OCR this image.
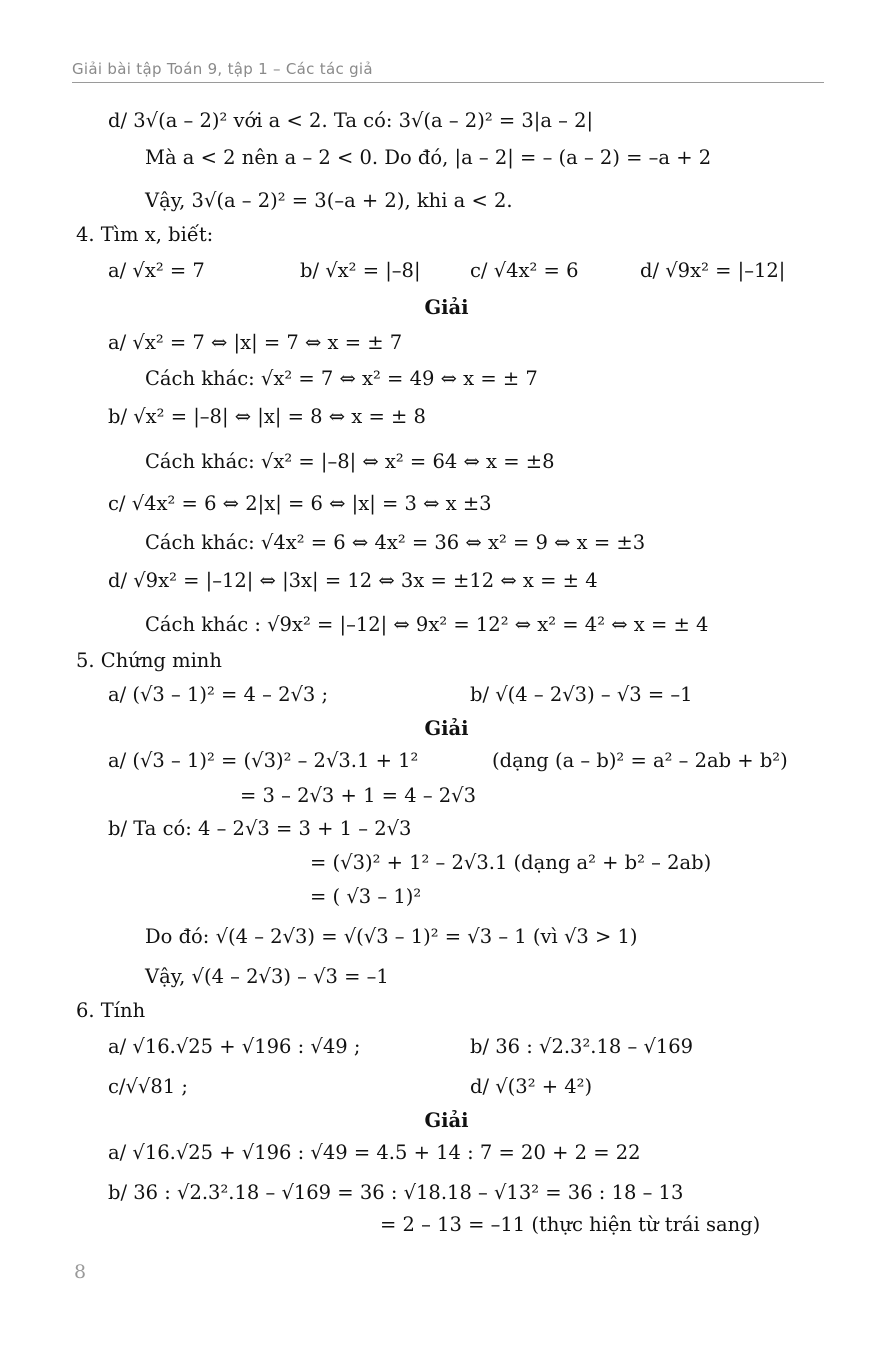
Giải bài tập Toán 9, tập 1 – Các tác giả
d/ 3√(a – 2)² với a < 2. Ta có: 3√(a – 2)² = 3|a – 2|
Mà a < 2 nên a – 2 < 0. Do đó, |a – 2| = – (a – 2) = –a + 2
Vậy, 3√(a – 2)² = 3(–a + 2), khi a < 2.
4. Tìm x, biết:
a/ √x² = 7	b/ √x² = |–8|	c/ √4x² = 6	d/ √9x² = |–12|
a/ √x² = 7 ⇔ |x| = 7 ⇔ x = ± 7
Cách khác: √x² = 7 ⇔ x² = 49 ⇔ x = ± 7
b/ √x² = |–8| ⇔ |x| = 8 ⇔ x = ± 8
Cách khác: √x² = |–8| ⇔ x² = 64 ⇔ x = ±8
c/ √4x² = 6 ⇔ 2|x| = 6 ⇔ |x| = 3 ⇔ x ±3
Cách khác: √4x² = 6 ⇔ 4x² = 36 ⇔ x² = 9 ⇔ x = ±3
d/ √9x² = |–12| ⇔ |3x| = 12 ⇔ 3x = ±12 ⇔ x = ± 4
Cách khác : √9x² = |–12| ⇔ 9x² = 12² ⇔ x² = 4² ⇔ x = ± 4
5. Chứng minh
a/ (√3 – 1)² = 4 – 2√3 ;	b/ √(4 – 2√3) – √3 = –1
a/ (√3 – 1)² = (√3)² – 2√3.1 + 1²	(dạng (a – b)² = a² – 2ab + b²)
= 3 – 2√3 + 1 = 4 – 2√3
b/ Ta có: 4 – 2√3 = 3 + 1 – 2√3
= (√3)² + 1² – 2√3.1 (dạng a² + b² – 2ab)
= ( √3 – 1)²
Do đó: √(4 – 2√3) = √(√3 – 1)² = √3 – 1 (vì √3 > 1)
Vậy, √(4 – 2√3) – √3 = –1
6. Tính
a/ √16.√25 + √196 : √49 ;	b/ 36 : √2.3².18 – √169
c/√√81 ;	d/ √(3² + 4²)
a/ √16.√25 + √196 : √49 = 4.5 + 14 : 7 = 20 + 2 = 22
b/ 36 : √2.3².18 – √169 = 36 : √18.18 – √13² = 36 : 18 – 13
= 2 – 13 = –11 (thực hiện từ trái sang)
Giải
Giải
Giải
8
